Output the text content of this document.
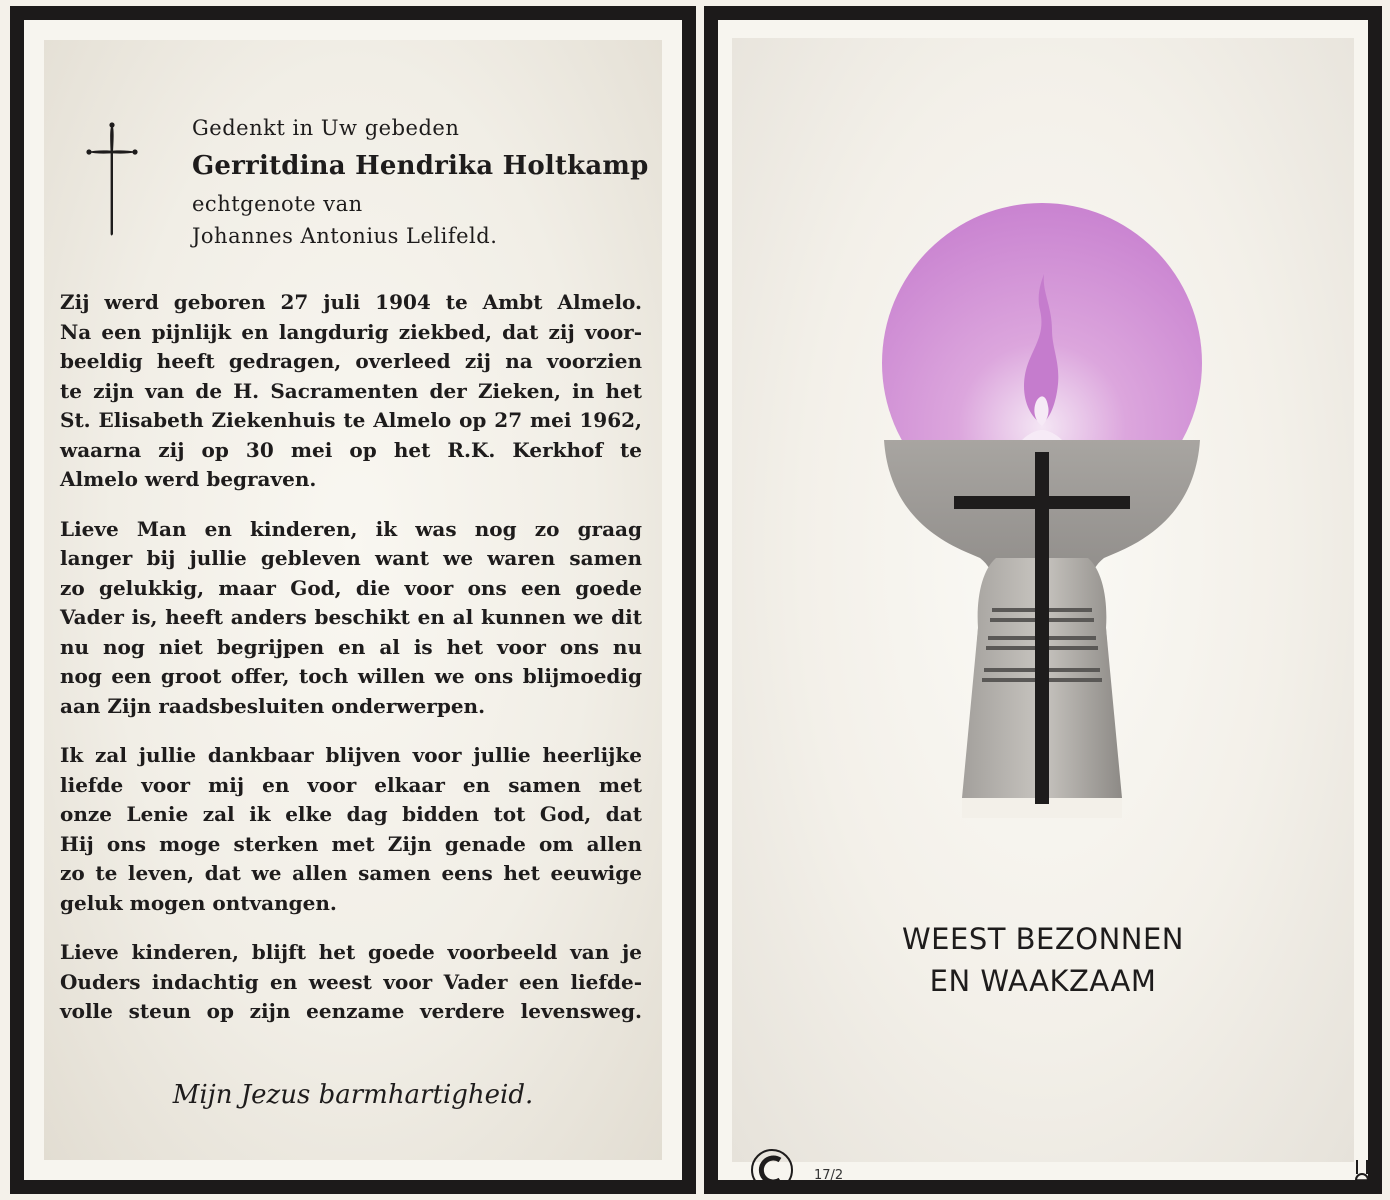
Gedenkt in Uw gebeden
Gerritdina Hendrika Holtkamp
echtgenote van
Johannes Antonius Lelifeld.
Zij werd geboren 27 juli 1904 te Ambt Almelo.
Na een pijnlijk en langdurig ziekbed, dat zij voor-
beeldig heeft gedragen, overleed zij na voorzien
te zijn van de H. Sacramenten der Zieken, in het
St. Elisabeth Ziekenhuis te Almelo op 27 mei 1962,
waarna zij op 30 mei op het R.K. Kerkhof te
Almelo werd begraven.
Lieve Man en kinderen, ik was nog zo graag
langer bij jullie gebleven want we waren samen
zo gelukkig, maar God, die voor ons een goede
Vader is, heeft anders beschikt en al kunnen we dit
nu nog niet begrijpen en al is het voor ons nu
nog een groot offer, toch willen we ons blijmoedig
aan Zijn raadsbesluiten onderwerpen.
Ik zal jullie dankbaar blijven voor jullie heerlijke
liefde voor mij en voor elkaar en samen met
onze Lenie zal ik elke dag bidden tot God, dat
Hij ons moge sterken met Zijn genade om allen
zo te leven, dat we allen samen eens het eeuwige
geluk mogen ontvangen.
Lieve kinderen, blijft het goede voorbeeld van je
Ouders indachtig en weest voor Vader een liefde-
volle steun op zijn eenzame verdere levensweg.
Mijn Jezus barmhartigheid.
WEEST BEZONNEN
EN WAAKZAAM
17/2
